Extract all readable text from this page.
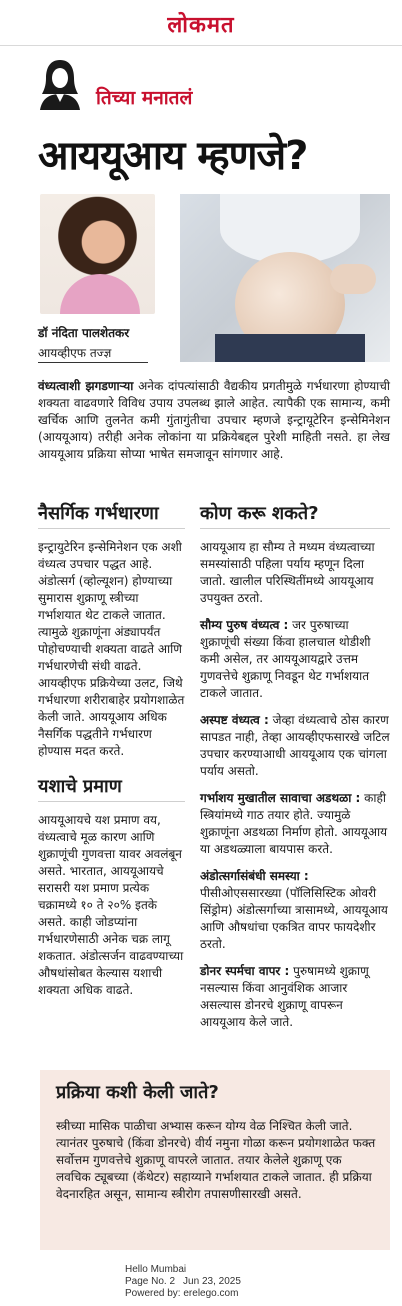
लोकमत
तिच्या मनातलं
आययूआय म्हणजे?
डॉ नंदिता पालशेतकर
आयव्हीएफ तज्ज्ञ
वंध्यत्वाशी झगडणाऱ्या अनेक दांपत्यांसाठी वैद्यकीय प्रगतीमुळे गर्भधारणा होण्याची शक्यता वाढवणारे विविध उपाय उपलब्ध झाले आहेत. त्यापैकी एक सामान्य, कमी खर्चिक आणि तुलनेत कमी गुंतागुंतीचा उपचार म्हणजे इन्ट्रायूटेरिन इन्सेमिनेशन (आययूआय) तरीही अनेक लोकांना या प्रक्रियेबद्दल पुरेशी माहिती नसते. हा लेख आययूआय प्रक्रिया सोप्या भाषेत समजावून सांगणार आहे.
नैसर्गिक गर्भधारणा
इन्ट्रायुटेरिन इन्सेमिनेशन एक अशी वंध्यत्व उपचार पद्धत आहे. अंडोत्सर्ग (व्होल्यूशन) होण्याच्या सुमारास शुक्राणू स्त्रीच्या गर्भाशयात थेट टाकले जातात. त्यामुळे शुक्राणूंना अंड्यापर्यंत पोहोचण्याची शक्यता वाढते आणि गर्भधारणेची संधी वाढते. आयव्हीएफ प्रक्रियेच्या उलट, जिथे गर्भधारणा शरीराबाहेर प्रयोगशाळेत केली जाते. आययूआय अधिक नैसर्गिक पद्धतीने गर्भधारण होण्यास मदत करते.
यशाचे प्रमाण
आययूआयचे यश प्रमाण वय, वंध्यत्वाचे मूळ कारण आणि शुक्राणूंची गुणवत्ता यावर अवलंबून असते. भारतात, आययूआयचे सरासरी यश प्रमाण प्रत्येक चक्रामध्ये १० ते २०% इतके असते. काही जोडप्यांना गर्भधारणेसाठी अनेक चक्र लागू शकतात. अंडोत्सर्जन वाढवण्याच्या औषधांसोबत केल्यास यशाची शक्यता अधिक वाढते.
कोण करू शकते?
आययूआय हा सौम्य ते मध्यम वंध्यत्वाच्या समस्यांसाठी पहिला पर्याय म्हणून दिला जातो. खालील परिस्थितींमध्ये आययूआय उपयुक्त ठरतो.
सौम्य पुरुष वंध्यत्व : जर पुरुषाच्या शुक्राणूंची संख्या किंवा हालचाल थोडीशी कमी असेल, तर आययूआयद्वारे उत्तम गुणवत्तेचे शुक्राणू निवडून थेट गर्भाशयात टाकले जातात.
अस्पष्ट वंध्यत्व : जेव्हा वंध्यत्वाचे ठोस कारण सापडत नाही, तेव्हा आयव्हीएफसारखे जटिल उपचार करण्याआधी आययूआय एक चांगला पर्याय असतो.
गर्भाशय मुखातील सावाचा अडथळा : काही स्त्रियांमध्ये गाठ तयार होते. ज्यामुळे शुक्राणूंना अडथळा निर्माण होतो. आययूआय या अडथळ्याला बायपास करते.
अंडोत्सर्गासंबंधी समस्या : पीसीओएससारख्या (पॉलिसिस्टिक ओवरी सिंड्रोम) अंडोत्सर्गाच्या त्रासामध्ये, आययूआय आणि औषधांचा एकत्रित वापर फायदेशीर ठरतो.
डोनर स्पर्मचा वापर : पुरुषामध्ये शुक्राणू नसल्यास किंवा आनुवंशिक आजार असल्यास डोनरचे शुक्राणू वापरून आययूआय केले जाते.
प्रक्रिया कशी केली जाते?
स्त्रीच्या मासिक पाळीचा अभ्यास करून योग्य वेळ निश्चित केली जाते. त्यानंतर पुरुषाचे (किंवा डोनरचे) वीर्य नमुना गोळा करून प्रयोगशाळेत फक्त सर्वोत्तम गुणवत्तेचे शुक्राणू वापरले जातात. तयार केलेले शुक्राणू एक लवचिक ट्यूबच्या (कॅथेटर) सहाय्याने गर्भाशयात टाकले जातात. ही प्रक्रिया वेदनारहित असून, सामान्य स्त्रीरोग तपासणीसारखी असते.
Hello Mumbai
Page No. 2 Jun 23, 2025
Powered by: erelego.com
